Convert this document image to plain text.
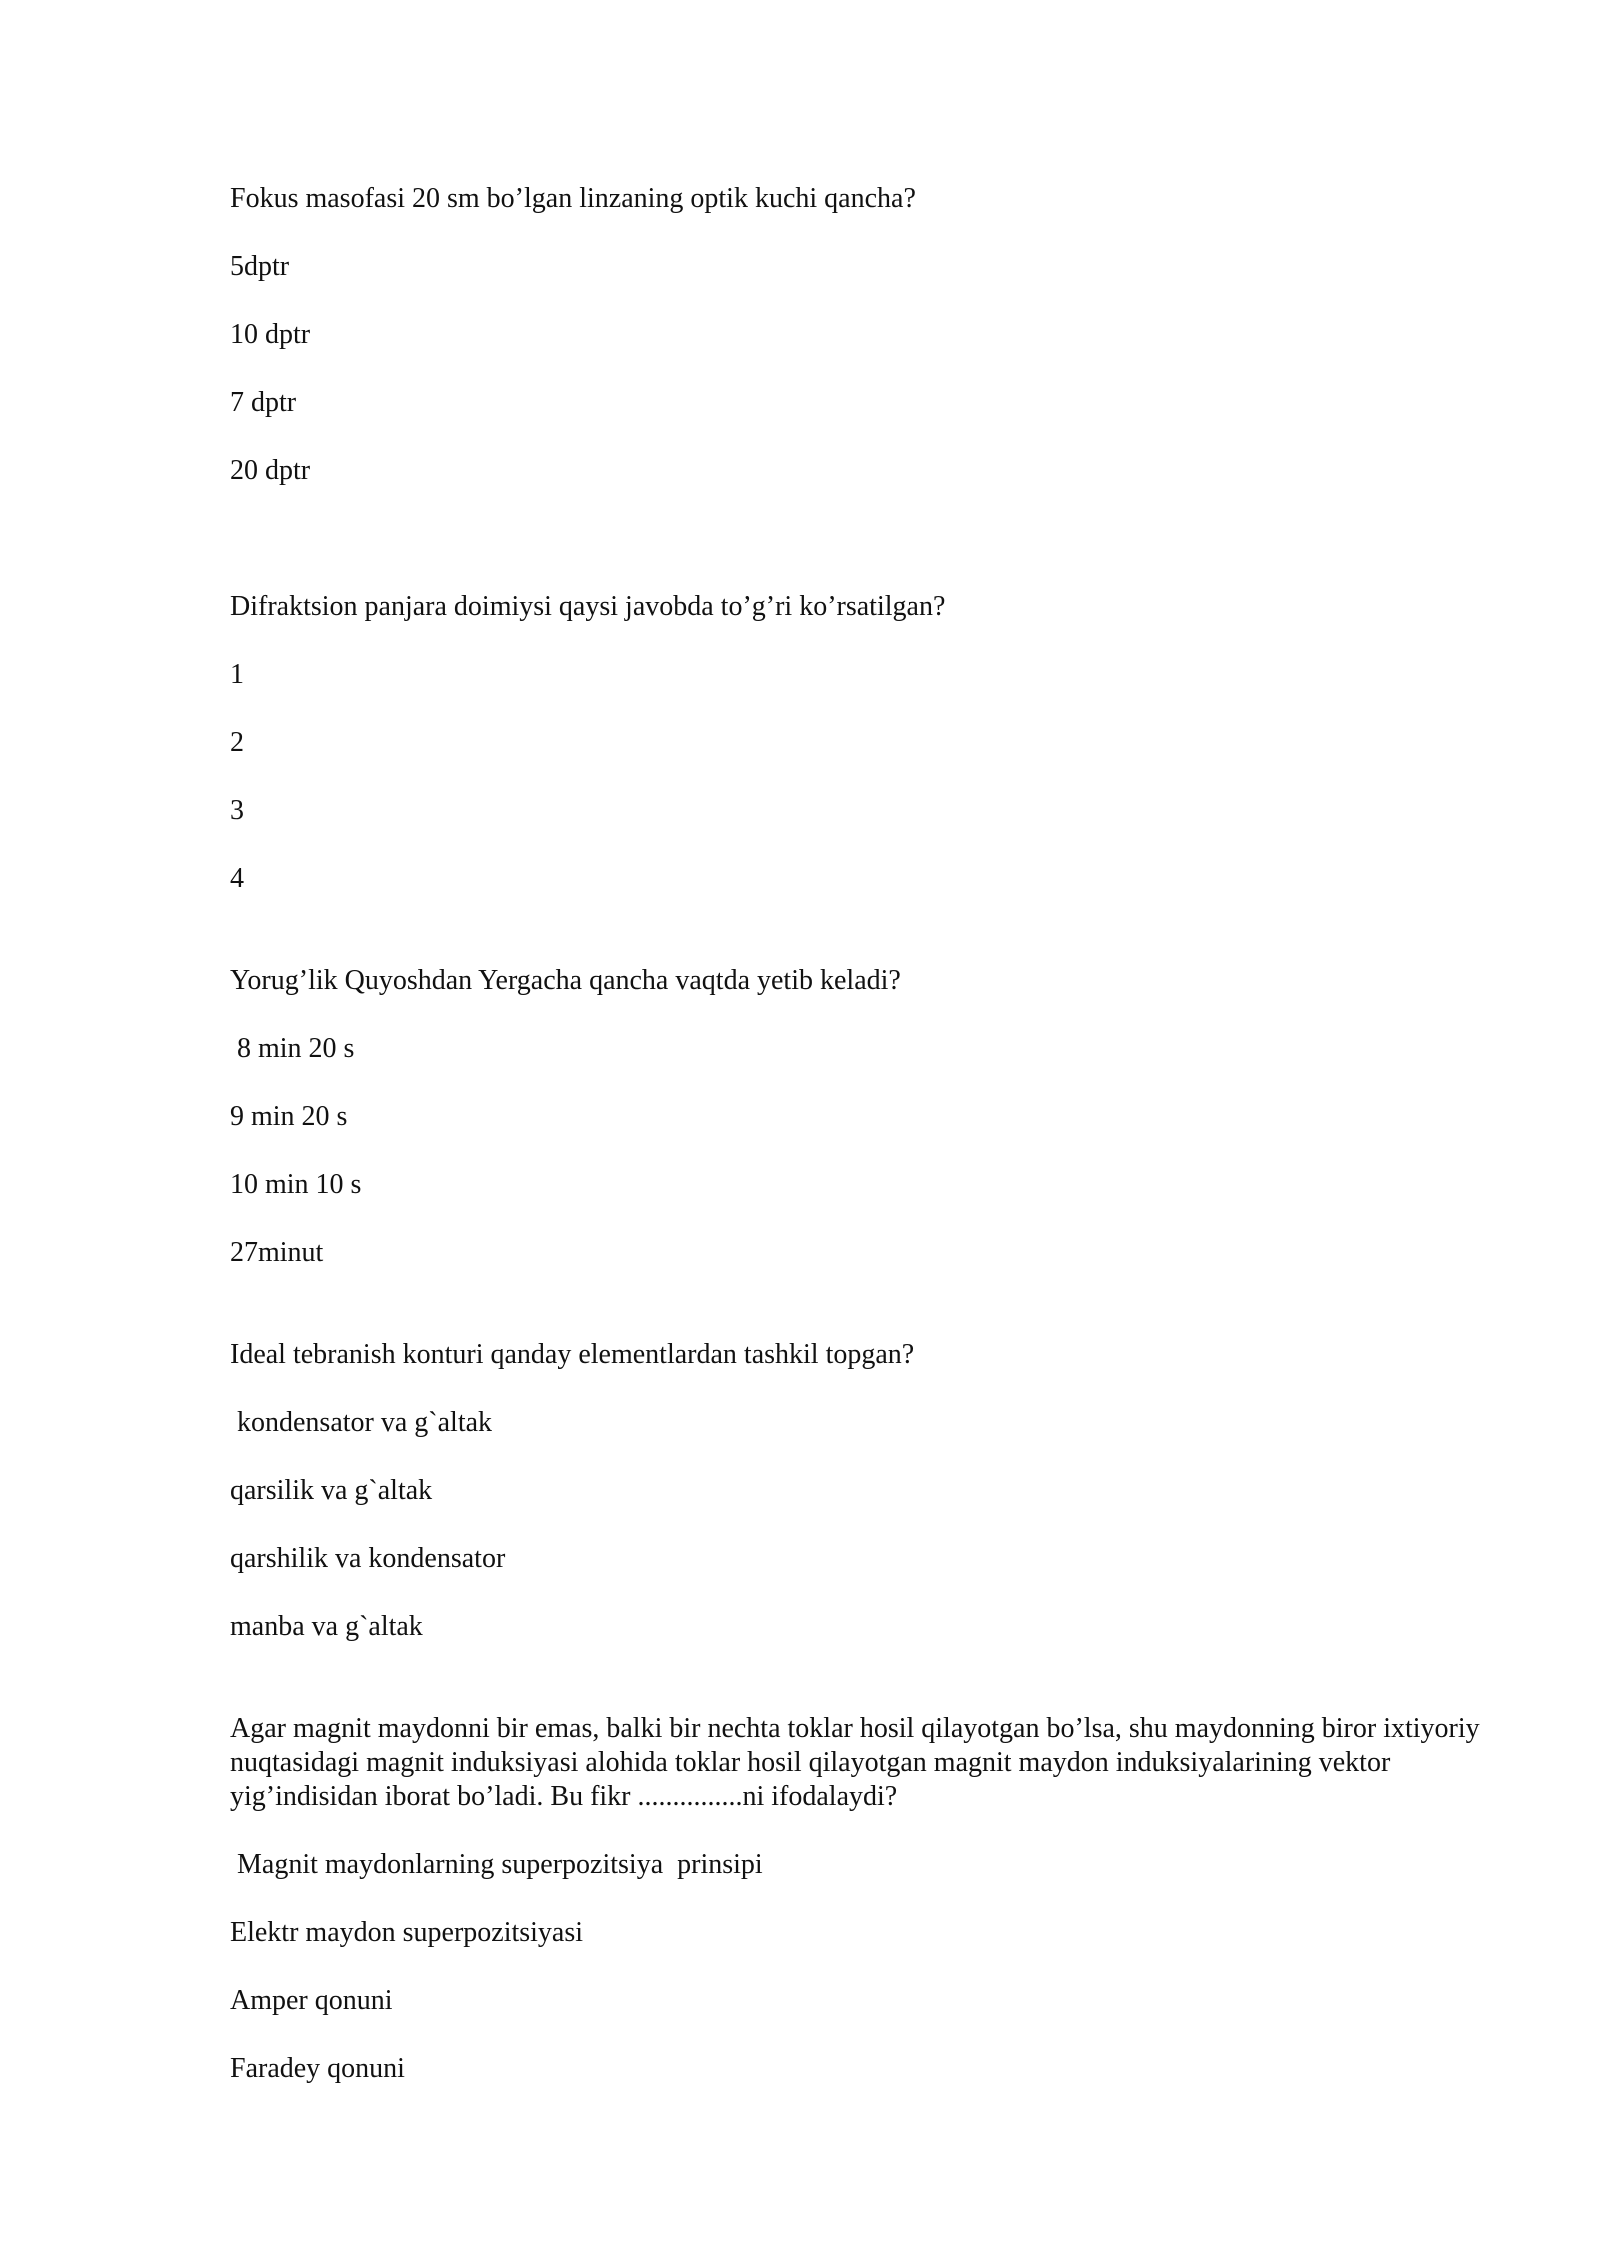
Fokus masofasi 20 sm bo’lgan linzaning optik kuchi qancha?

5dptr

10 dptr

7 dptr

20 dptr

Difraktsion panjara doimiysi qaysi javobda to’g’ri ko’rsatilgan?

1

2

3

4

Yorug’lik Quyoshdan Yergacha qancha vaqtda yetib keladi?

8 min 20 s

9 min 20 s

10 min 10 s

27minut

Ideal tebranish konturi qanday elementlardan tashkil topgan?

kondensator va g`altak

qarsilik va g`altak

qarshilik va kondensator

manba va g`altak

Agar magnit maydonni bir emas, balki bir nechta toklar hosil qilayotgan bo’lsa, shu maydonning biror ixtiyoriy nuqtasidagi magnit induksiyasi alohida toklar hosil qilayotgan magnit maydon induksiyalarining vektor yig’indisidan iborat bo’ladi. Bu fikr ...............ni ifodalaydi?

Magnit maydonlarning superpozitsiya  prinsipi

Elektr maydon superpozitsiyasi

Amper qonuni

Faradey qonuni
